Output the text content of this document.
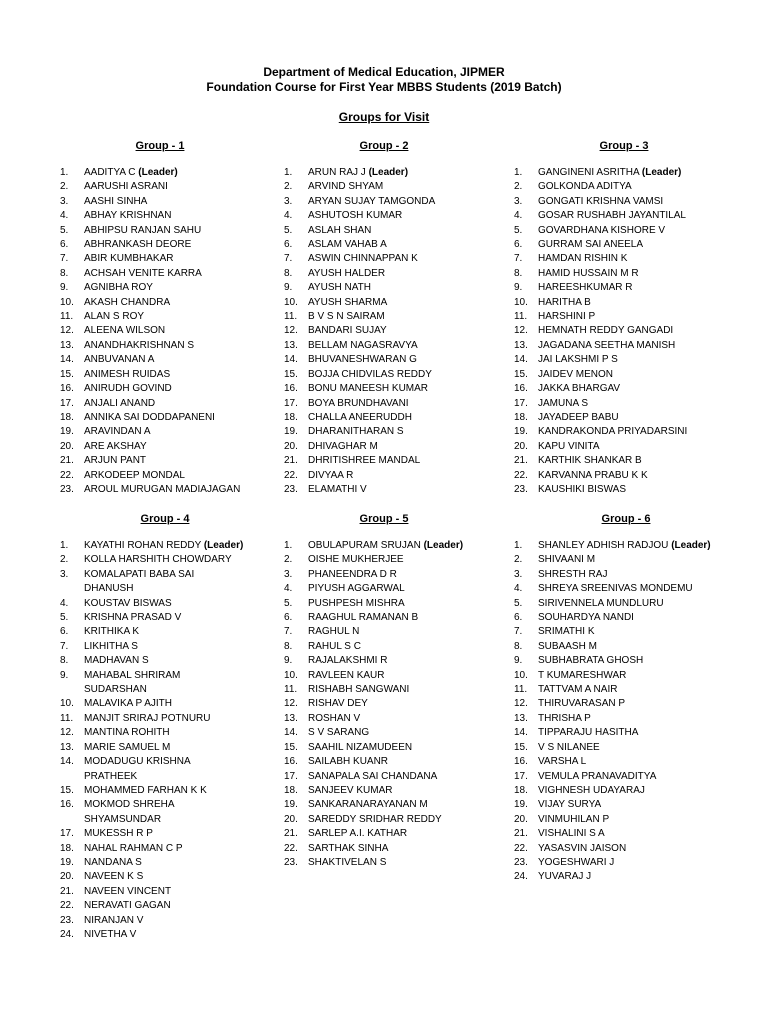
Department of Medical Education, JIPMER
Foundation Course for First Year MBBS Students (2019 Batch)
Groups for Visit
Group - 1
1. AADITYA C (Leader)
2. AARUSHI ASRANI
3. AASHI SINHA
4. ABHAY KRISHNAN
5. ABHIPSU RANJAN SAHU
6. ABHRANKASH DEORE
7. ABIR KUMBHAKAR
8. ACHSAH VENITE KARRA
9. AGNIBHA ROY
10. AKASH CHANDRA
11. ALAN S ROY
12. ALEENA WILSON
13. ANANDHAKRISHNAN S
14. ANBUVANAN A
15. ANIMESH RUIDAS
16. ANIRUDH GOVIND
17. ANJALI ANAND
18. ANNIKA SAI DODDAPANENI
19. ARAVINDAN A
20. ARE AKSHAY
21. ARJUN PANT
22. ARKODEEP MONDAL
23. AROUL MURUGAN MADIAJAGAN
Group - 2
1. ARUN RAJ J (Leader)
2. ARVIND SHYAM
3. ARYAN SUJAY TAMGONDA
4. ASHUTOSH KUMAR
5. ASLAH SHAN
6. ASLAM VAHAB A
7. ASWIN CHINNAPPAN K
8. AYUSH HALDER
9. AYUSH NATH
10. AYUSH SHARMA
11. B V S N SAIRAM
12. BANDARI SUJAY
13. BELLAM NAGASRAVYA
14. BHUVANESHWARAN G
15. BOJJA CHIDVILAS REDDY
16. BONU MANEESH KUMAR
17. BOYA BRUNDHAVANI
18. CHALLA ANEERUDDH
19. DHARANITHARAN S
20. DHIVAGHAR M
21. DHRITISHREE MANDAL
22. DIVYAA R
23. ELAMATHI V
Group - 3
1. GANGINENI ASRITHA (Leader)
2. GOLKONDA ADITYA
3. GONGATI KRISHNA VAMSI
4. GOSAR RUSHABH JAYANTILAL
5. GOVARDHANA KISHORE V
6. GURRAM SAI ANEELA
7. HAMDAN RISHIN K
8. HAMID HUSSAIN M R
9. HAREESHKUMAR R
10. HARITHA B
11. HARSHINI P
12. HEMNATH REDDY GANGADI
13. JAGADANA SEETHA MANISH
14. JAI LAKSHMI P S
15. JAIDEV MENON
16. JAKKA BHARGAV
17. JAMUNA S
18. JAYADEEP BABU
19. KANDRAKONDA PRIYADARSINI
20. KAPU VINITA
21. KARTHIK SHANKAR B
22. KARVANNA PRABU K K
23. KAUSHIKI BISWAS
Group - 4
1. KAYATHI ROHAN REDDY (Leader)
2. KOLLA HARSHITH CHOWDARY
3. KOMALAPATI BABA SAI DHANUSH
4. KOUSTAV BISWAS
5. KRISHNA PRASAD V
6. KRITHIKA K
7. LIKHITHA S
8. MADHAVAN S
9. MAHABAL SHRIRAM SUDARSHAN
10. MALAVIKA P AJITH
11. MANJIT SRIRAJ POTNURU
12. MANTINA ROHITH
13. MARIE SAMUEL M
14. MODADUGU KRISHNA PRATHEEK
15. MOHAMMED FARHAN K K
16. MOKMOD SHREHA SHYAMSUNDAR
17. MUKESSH R P
18. NAHAL RAHMAN C P
19. NANDANA S
20. NAVEEN K S
21. NAVEEN VINCENT
22. NERAVATI GAGAN
23. NIRANJAN V
24. NIVETHA V
Group - 5
1. OBULAPURAM SRUJAN (Leader)
2. OISHE MUKHERJEE
3. PHANEENDRA D R
4. PIYUSH AGGARWAL
5. PUSHPESH MISHRA
6. RAAGHUL RAMANAN B
7. RAGHUL N
8. RAHUL S C
9. RAJALAKSHMI R
10. RAVLEEN KAUR
11. RISHABH SANGWANI
12. RISHAV DEY
13. ROSHAN V
14. S V SARANG
15. SAAHIL NIZAMUDEEN
16. SAILABH KUANR
17. SANAPALA SAI CHANDANA
18. SANJEEV KUMAR
19. SANKARANARAYANAN M
20. SAREDDY SRIDHAR REDDY
21. SARLEP A.I. KATHAR
22. SARTHAK SINHA
23. SHAKTIVELAN S
Group - 6
1. SHANLEY ADHISH RADJOU (Leader)
2. SHIVAANI M
3. SHRESTH RAJ
4. SHREYA SREENIVAS MONDEMU
5. SIRIVENNELA MUNDLURU
6. SOUHARDYA NANDI
7. SRIMATHI K
8. SUBAASH M
9. SUBHABRATA GHOSH
10. T KUMARESHWAR
11. TATTVAM A NAIR
12. THIRUVARASAN P
13. THRISHA P
14. TIPPARAJU HASITHA
15. V S NILANEE
16. VARSHA L
17. VEMULA PRANAVADITYA
18. VIGHNESH UDAYARAJ
19. VIJAY SURYA
20. VINMUHILAN P
21. VISHALINI S A
22. YASASVIN JAISON
23. YOGESHWARI J
24. YUVARAJ J
